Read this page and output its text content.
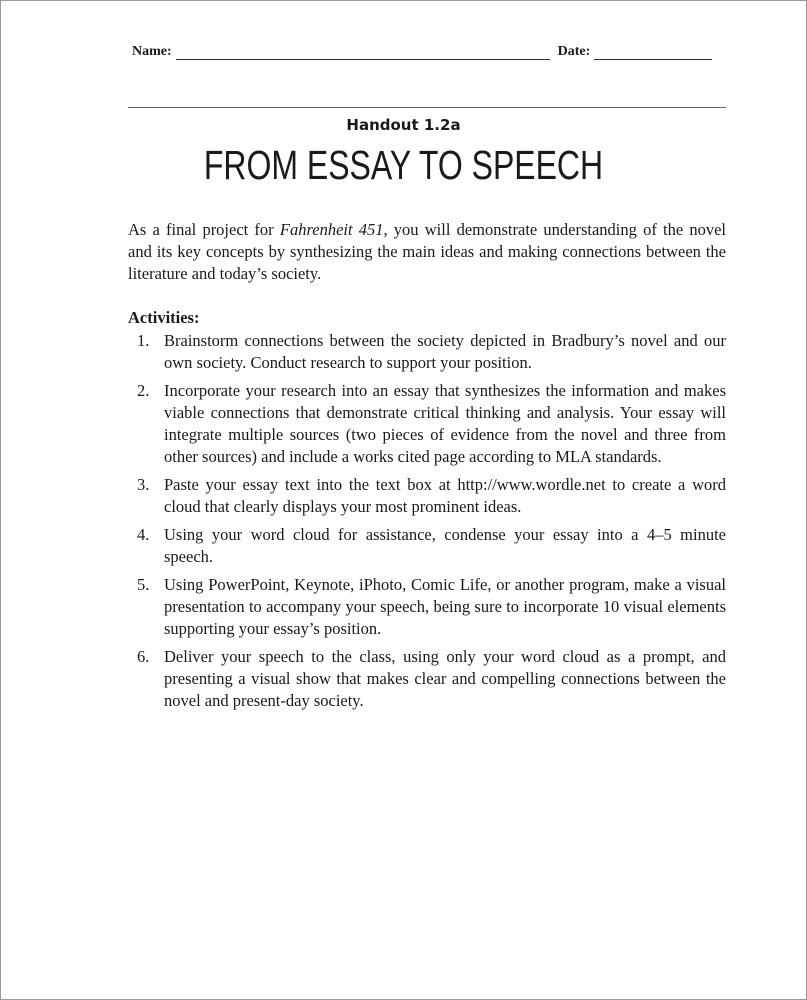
Name:	Date:
Handout 1.2a
FROM ESSAY TO SPEECH

As a final project for Fahrenheit 451, you will demonstrate understanding of the novel and its key concepts by synthesizing the main ideas and making connections between the literature and today’s society.

Activities:
1. Brainstorm connections between the society depicted in Bradbury’s novel and our own society. Conduct research to support your position.
2. Incorporate your research into an essay that synthesizes the information and makes viable connections that demonstrate critical thinking and analysis. Your essay will integrate multiple sources (two pieces of evidence from the novel and three from other sources) and include a works cited page according to MLA standards.
3. Paste your essay text into the text box at http://www.wordle.net to create a word cloud that clearly displays your most prominent ideas.
4. Using your word cloud for assistance, condense your essay into a 4–5 minute speech.
5. Using PowerPoint, Keynote, iPhoto, Comic Life, or another program, make a visual presentation to accompany your speech, being sure to incorporate 10 visual elements supporting your essay’s position.
6. Deliver your speech to the class, using only your word cloud as a prompt, and presenting a visual show that makes clear and compelling connections between the novel and present-day society.
